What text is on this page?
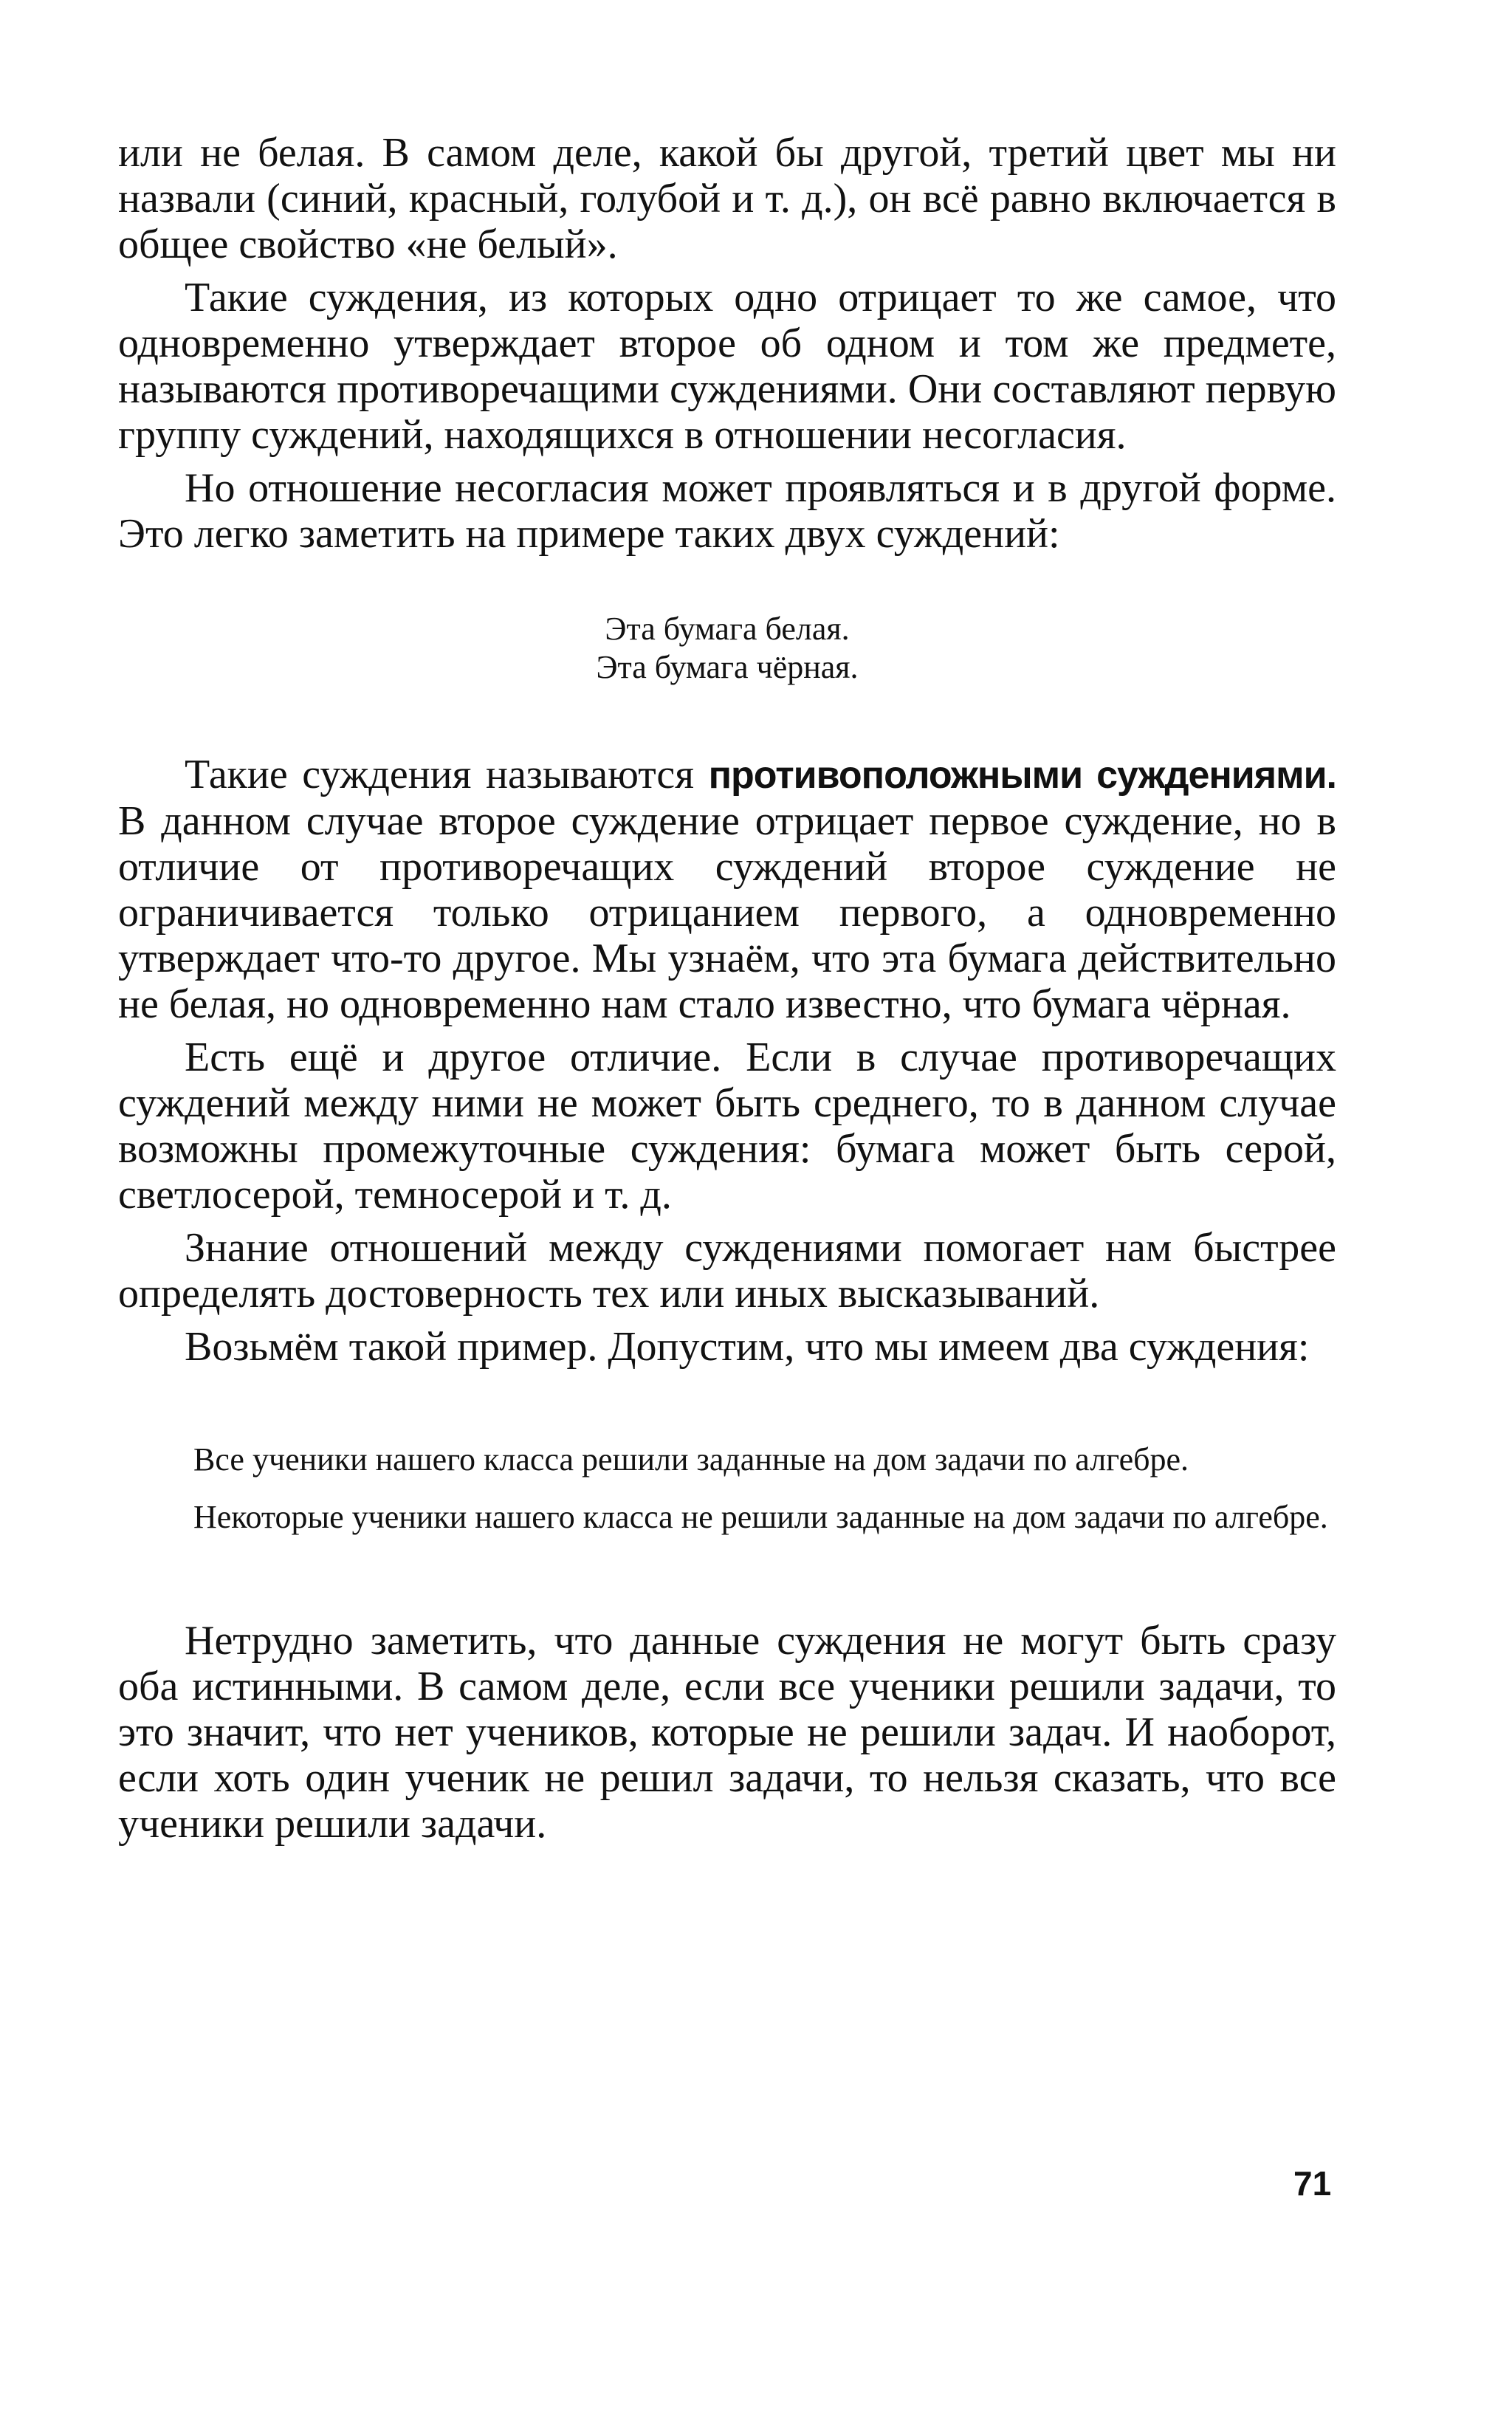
или не белая. В самом деле, какой бы другой, третий цвет мы ни назвали (синий, красный, голубой и т. д.), он всё равно включается в общее свойство «не белый».

Такие суждения, из которых одно отрицает то же самое, что одновременно утверждает второе об одном и том же предмете, называются противоречащими суждениями. Они составляют первую группу суждений, находящихся в отношении несогласия.

Но отношение несогласия может проявляться и в другой форме. Это легко заметить на примере таких двух суждений:

Эта бумага белая.

Эта бумага чёрная.

Такие суждения называются противоположными суждениями. В данном случае второе суждение отрицает первое суждение, но в отличие от противоречащих суждений второе суждение не ограничивается только отрицанием первого, а одновременно утверждает что-то другое. Мы узнаём, что эта бумага действительно не белая, но одновременно нам стало известно, что бумага чёрная.

Есть ещё и другое отличие. Если в случае противоречащих суждений между ними не может быть среднего, то в данном случае возможны промежуточные суждения: бумага может быть серой, светлосерой, темносерой и т. д.

Знание отношений между суждениями помогает нам быстрее определять достоверность тех или иных высказываний.

Возьмём такой пример. Допустим, что мы имеем два суждения:

Все ученики нашего класса решили заданные на дом задачи по алгебре.

Некоторые ученики нашего класса не решили заданные на дом задачи по алгебре.

Нетрудно заметить, что данные суждения не могут быть сразу оба истинными. В самом деле, если все ученики решили задачи, то это значит, что нет учеников, которые не решили задач. И наоборот, если хоть один ученик не решил задачи, то нельзя сказать, что все ученики решили задачи.

71
